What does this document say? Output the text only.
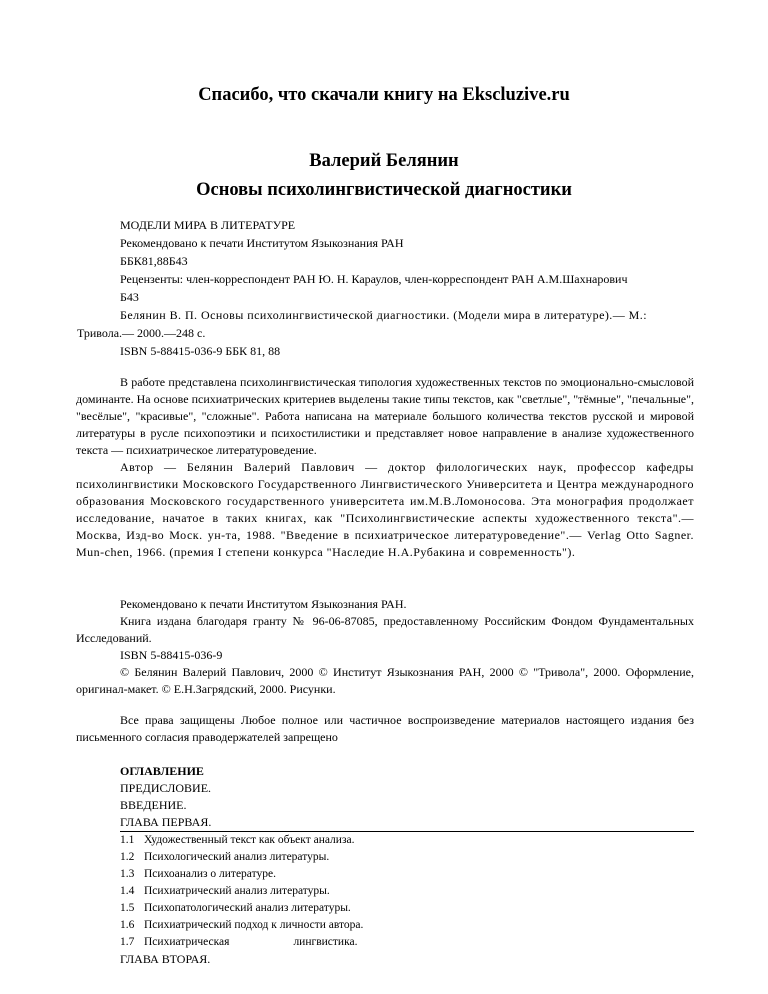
Спасибо, что скачали книгу на Eksсluzive.ru
Валерий Белянин
Основы психолингвистической диагностики
МОДЕЛИ МИРА В ЛИТЕРАТУРЕ
Рекомендовано к печати Институтом Языкознания РАН
ББК81,88Б43
Рецензенты: член-корреспондент РАН Ю. Н. Караулов, член-корреспондент РАН А.М.Шахнарович
Б43
Белянин В. П. Основы психолингвистической диагностики. (Модели мира в литературе).— М.:
Тривола.— 2000.—248 с.
ISBN 5-88415-036-9 ББК 81, 88

В работе представлена психолингвистическая типология художественных текстов по эмоционально-смысловой доминанте. На основе психиатрических критериев выделены такие типы текстов, как "светлые", "тёмные", "печальные", "весёлые", "красивые", "сложные". Работа написана на материале большого количества текстов русской и мировой литературы в русле психопоэтики и психостилистики и представляет новое направление в анализе художественного текста — психиатрическое литературоведение.

Автор — Белянин Валерий Павлович — доктор филологических наук, профессор кафедры психолингвистики Московского Государственного Лингвистического Университета и Центра международного образования Московского государственного университета им.М.В.Ломоносова. Эта монография продолжает исследование, начатое в таких книгах, как "Психолингвистические аспекты художественного текста".— Москва, Изд-во Моск. ун-та, 1988. "Введение в психиатрическое литературоведение".— Verlag Otto Sagner. Mun-chen, 1966. (премия I степени конкурса "Наследие Н.А.Рубакина и современность").

Рекомендовано к печати Институтом Языкознания РАН.

Книга издана благодаря гранту № 96-06-87085, предоставленному Российским Фондом Фундаментальных Исследований.

ISBN 5-88415-036-9

© Белянин Валерий Павлович, 2000 © Институт Языкознания РАН, 2000 © "Тривола", 2000. Оформление, оригинал-макет. © Е.Н.Загрядский, 2000. Рисунки.

Все права защищены Любое полное или частичное воспроизведение материалов настоящего издания без письменного согласия праводержателей запрещено

ОГЛАВЛЕНИЕ
ПРЕДИСЛОВИЕ.
ВВЕДЕНИЕ.
ГЛАВА ПЕРВАЯ.
1.1 Художественный текст как объект анализа.
1.2 Психологический анализ литературы.
1.3 Психоанализ о литературе.
1.4 Психиатрический анализ литературы.
1.5 Психопатологический анализ литературы.
1.6 Психиатрический подход к личности автора.
1.7 Психиатрическая	лингвистика.
ГЛАВА ВТОРАЯ.
